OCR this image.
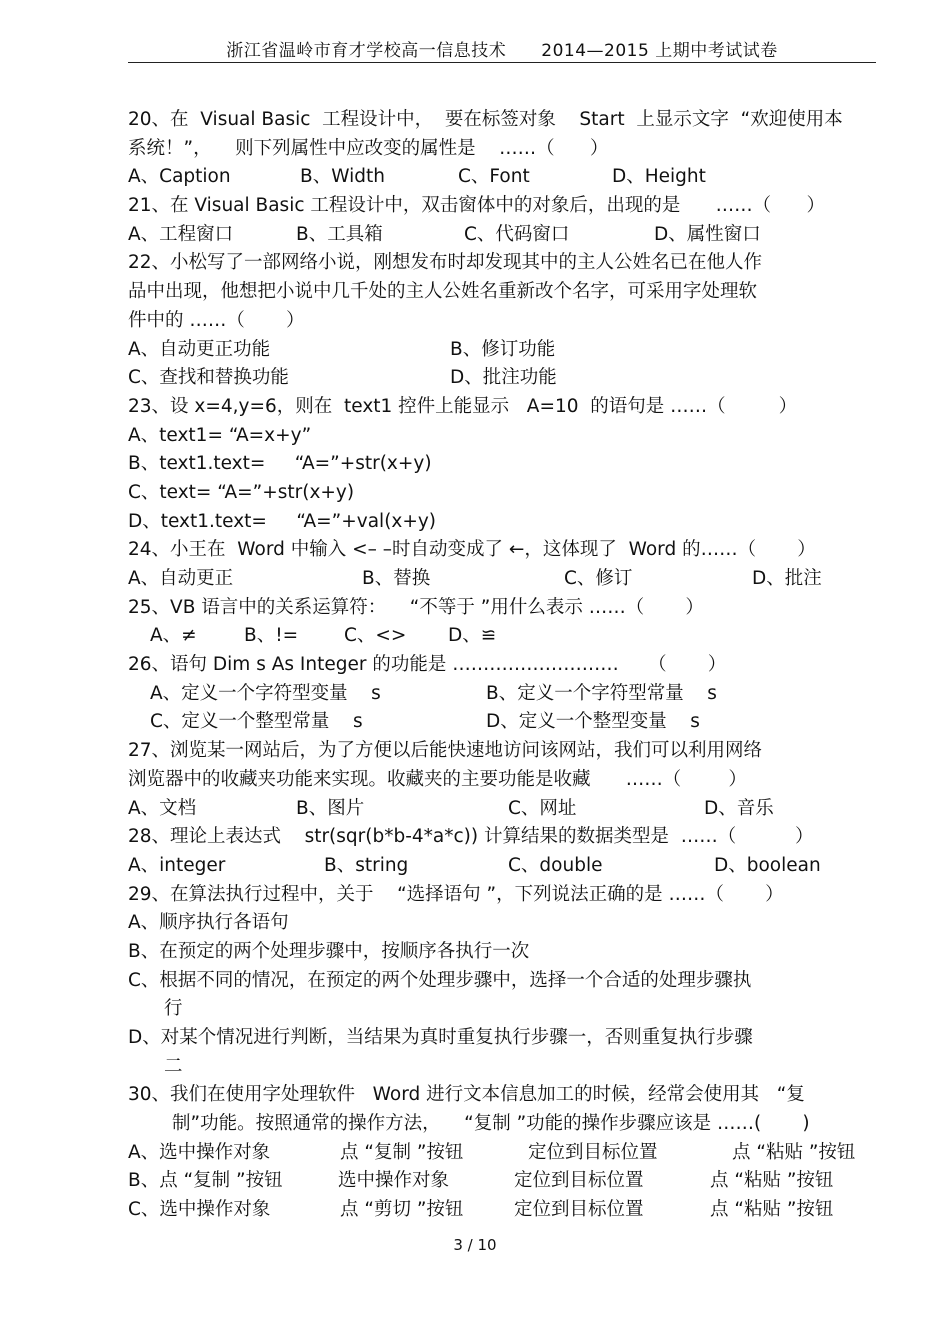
浙江省温岭市育才学校高一信息技术　　2014—2015 上期中考试试卷
20、在  Visual Basic  工程设计中，  要在标签对象    Start  上显示文字  “欢迎使用本
系统！”，    则下列属性中应改变的属性是    ……（      ）
A、Caption	B、Width	C、Font	D、Height
21、在 Visual Basic 工程设计中，双击窗体中的对象后，出现的是      ……（      ）
A、工程窗口	B、工具箱	C、代码窗口	D、属性窗口
22、小松写了一部网络小说，刚想发布时却发现其中的主人公姓名已在他人作
品中出现，他想把小说中几千处的主人公姓名重新改个名字，可采用字处理软
件中的 ……（       ）
A、自动更正功能	B、修订功能
C、查找和替换功能	D、批注功能
23、设 x=4,y=6，则在  text1 控件上能显示   A=10  的语句是 ……（         ）
A、text1= “A=x+y”
B、text1.text=     “A=”+str(x+y)
C、text= “A=”+str(x+y)
D、text1.text=     “A=”+val(x+y)
24、小王在  Word 中输入 <– –时自动变成了 ←，这体现了  Word 的……（       ）
A、自动更正	B、替换	C、修订	D、批注
25、VB 语言中的关系运算符：    “不等于 ”用什么表示 ……（       ）
A、≠	B、!= C、<> D、≌
26、语句 Dim s As Integer 的功能是 ………………………     （       ）
A、定义一个字符型变量    s	B、定义一个字符型常量    s
C、定义一个整型常量    s	D、定义一个整型变量    s
27、浏览某一网站后，为了方便以后能快速地访问该网站，我们可以利用网络
浏览器中的收藏夹功能来实现。收藏夹的主要功能是收藏      ……（        ）
A、文档	B、图片	C、网址	D、音乐
28、理论上表达式    str(sqr(b*b-4*a*c)) 计算结果的数据类型是  ……（          ）
A、integer	B、string	C、double	D、boolean
29、在算法执行过程中，关于    “选择语句 ”，下列说法正确的是 ……（       ）
A、顺序执行各语句
B、在预定的两个处理步骤中，按顺序各执行一次
C、根据不同的情况，在预定的两个处理步骤中，选择一个合适的处理步骤执
行
D、对某个情况进行判断，当结果为真时重复执行步骤一，否则重复执行步骤
二
30、我们在使用字处理软件   Word 进行文本信息加工的时候，经常会使用其   “复
制”功能。按照通常的操作方法，    “复制 ”功能的操作步骤应该是 ……(       )
A、选中操作对象	点 “复制 ”按钮	定位到目标位置	点 “粘贴 ”按钮
B、点 “复制 ”按钮	选中操作对象	定位到目标位置	点 “粘贴 ”按钮
C、选中操作对象	点 “剪切 ”按钮	定位到目标位置	点 “粘贴 ”按钮
3 / 10
